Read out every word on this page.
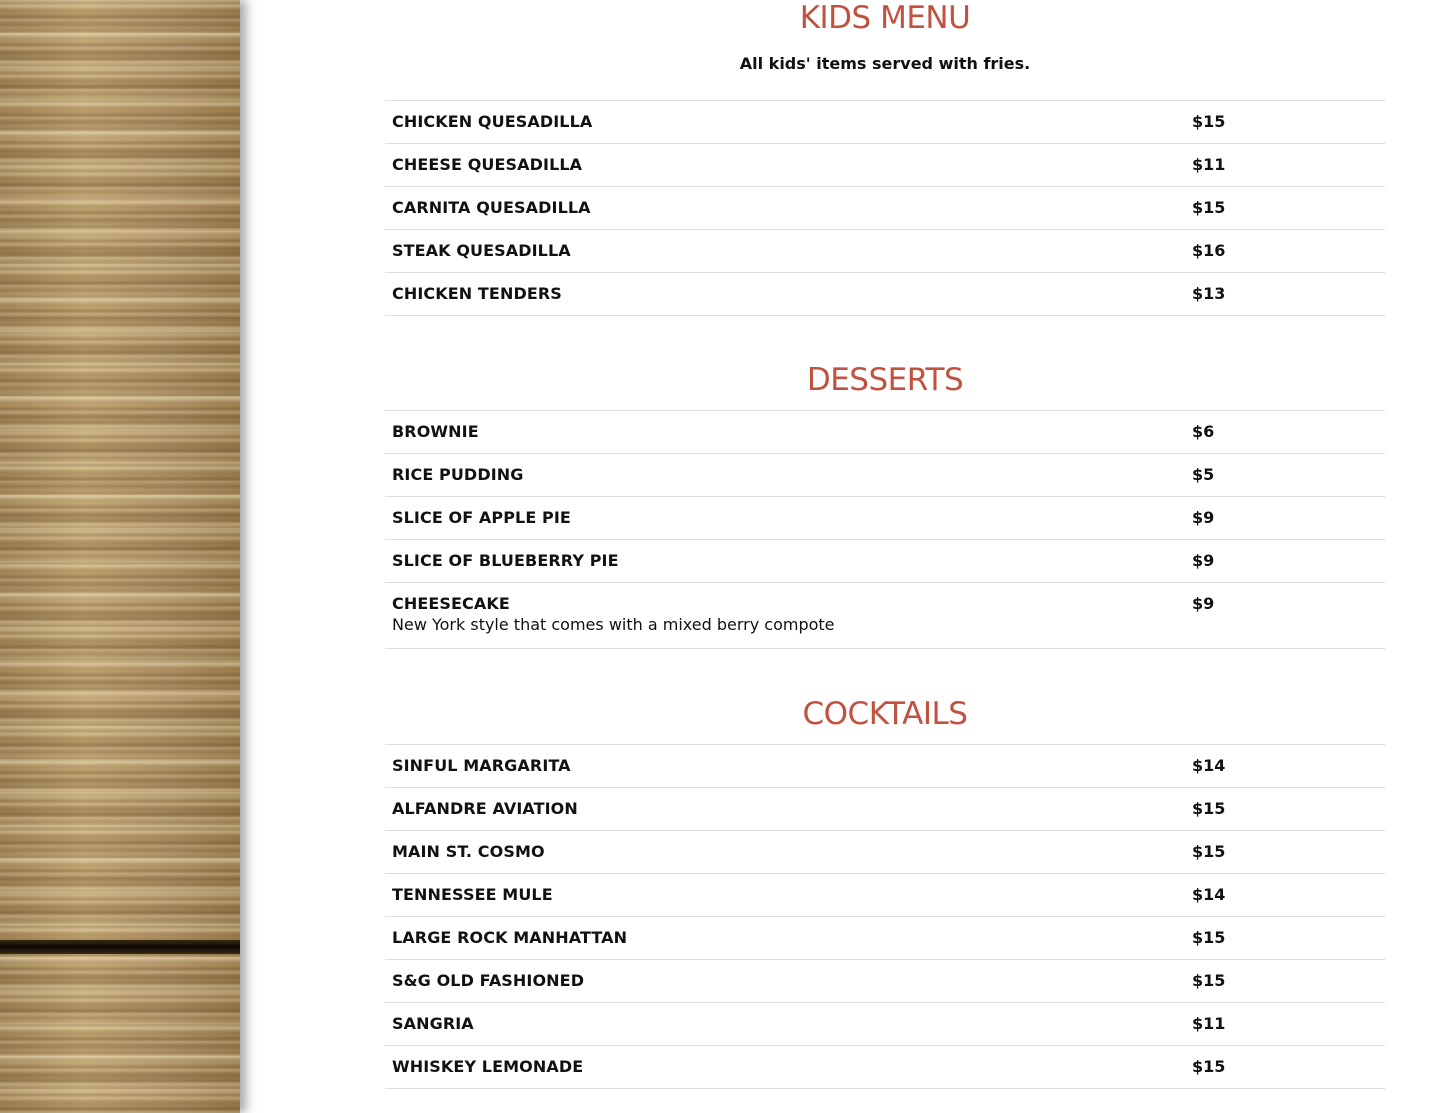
KIDS MENU

All kids' items served with fries.

CHICKEN QUESADILLA	$15

CHEESE QUESADILLA	$11

CARNITA QUESADILLA	$15

STEAK QUESADILLA	$16

CHICKEN TENDERS	$13
DESSERTS
BROWNIE	$6

RICE PUDDING	$5

SLICE OF APPLE PIE	$9

SLICE OF BLUEBERRY PIE	$9

CHEESECAKE
New York style that comes with a mixed berry compote	$9
COCKTAILS
SINFUL MARGARITA	$14

ALFANDRE AVIATION	$15

MAIN ST. COSMO	$15

TENNESSEE MULE	$14

LARGE ROCK MANHATTAN	$15

S&G OLD FASHIONED	$15

SANGRIA	$11

WHISKEY LEMONADE	$15
